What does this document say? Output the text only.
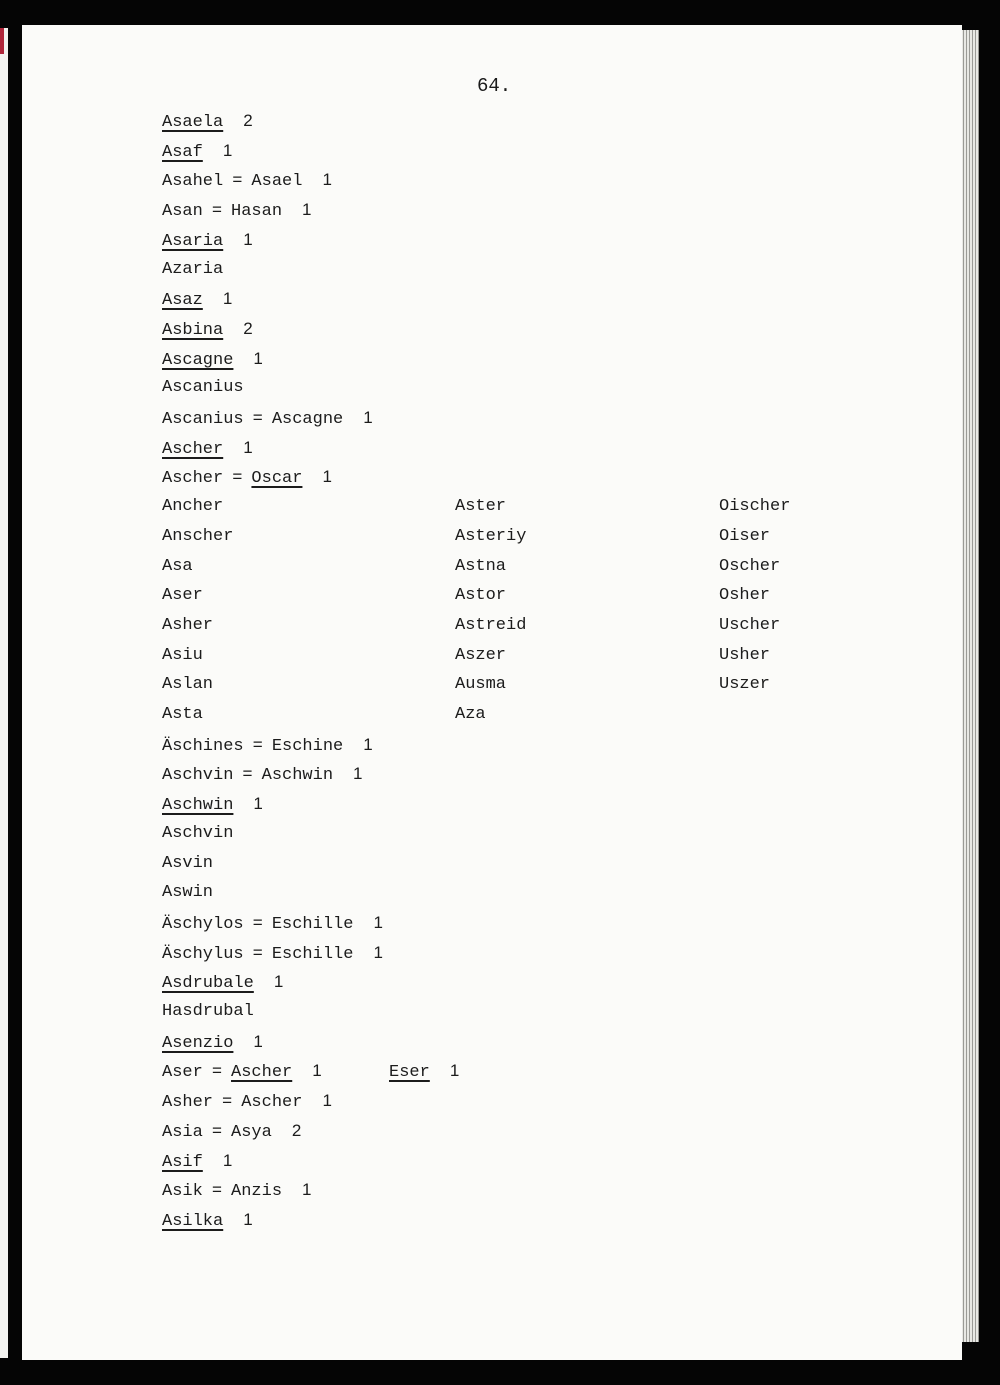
64.
Asaela 2
Asaf 1
Asahel = Asael 1
Asan = Hasan 1
Asaria 1
Azaria
Asaz 1
Asbina 2
Ascagne 1
Ascanius
Ascanius = Ascagne 1
Ascher 1
Ascher = Oscar 1
Ancher	Aster	Oischer
Anscher	Asteriy	Oiser
Asa	Astna	Oscher
Aser	Astor	Osher
Asher	Astreid	Uscher
Asiu	Aszer	Usher
Aslan	Ausma	Uszer
Asta	Aza
Äschines = Eschine 1
Aschvin = Aschwin 1
Aschwin 1
Aschvin
Asvin
Aswin
Äschylos = Eschille 1
Äschylus = Eschille 1
Asdrubale 1
Hasdrubal
Asenzio 1
Aser = Ascher 1	Eser 1
Asher = Ascher 1
Asia = Asya 2
Asif 1
Asik = Anzis 1
Asilka 1
